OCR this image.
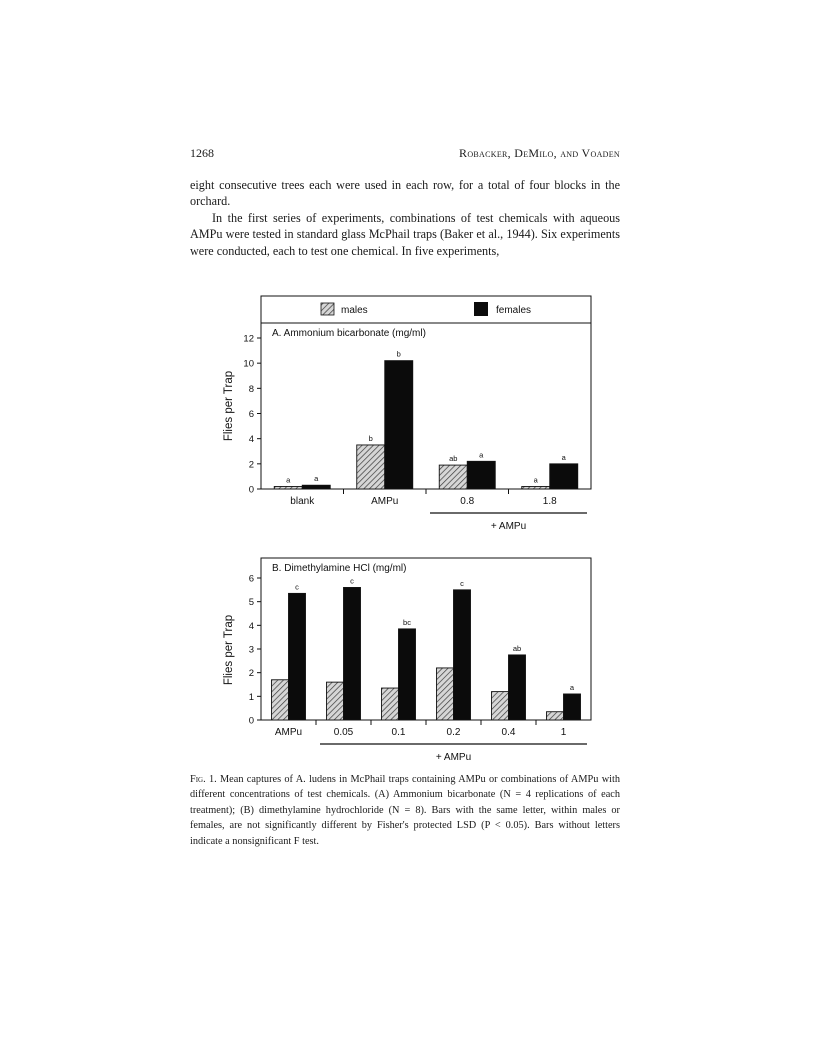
1268	Robacker, DeMilo, and Voaden

eight consecutive trees each were used in each row, for a total of four blocks in the orchard.

In the first series of experiments, combinations of test chemicals with aqueous AMPu were tested in standard glass McPhail traps (Baker et al., 1944). Six experiments were conducted, each to test one chemical. In five experiments,

males	females
A. Ammonium bicarbonate (mg/ml)
Flies per Trap
0
2
4
6
8
10
12
a	a
b
b
ab	a
a
a
blank	AMPu	0.8	1.8
+ AMPu
B. Dimethylamine HCl (mg/ml)
Flies per Trap
0
1
2
3
4
5
6
c
c
bc
c
ab
a
AMPu	0.05	0.1	0.2	0.4	1
+ AMPu
Fig. 1. Mean captures of A. ludens in McPhail traps containing AMPu or combinations of AMPu with different concentrations of test chemicals. (A) Ammonium bicarbonate (N = 4 replications of each treatment); (B) dimethylamine hydrochloride (N = 8). Bars with the same letter, within males or females, are not significantly different by Fisher's protected LSD (P < 0.05). Bars without letters indicate a nonsignificant F test.
